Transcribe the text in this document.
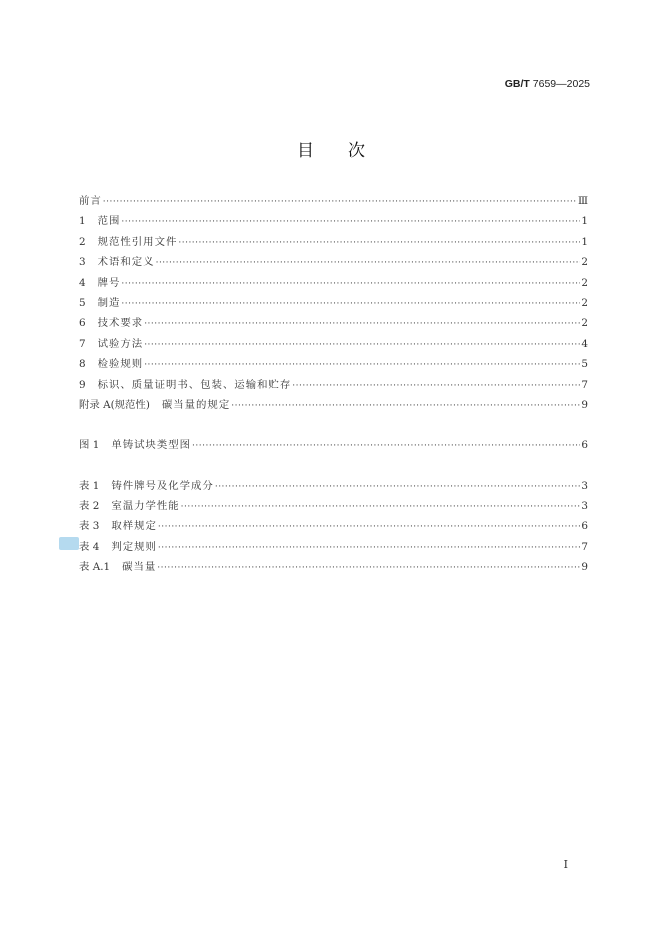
GB/T 7659—2025
目次
前言 ·····	Ⅲ
1 范围 ·····	1
2 规范性引用文件 ·····	1
3 术语和定义 ·····	2
4 牌号 ·····	2
5 制造 ·····	2
6 技术要求 ·····	2
7 试验方法 ·····	4
8 检验规则 ·····	5
9 标识、质量证明书、包装、运输和贮存 ·····	7
附录 A(规范性) 碳当量的规定 ·····	9
图 1 单铸试块类型图 ·····	6
表 1 铸件牌号及化学成分 ·····	3
表 2 室温力学性能 ·····	3
表 3 取样规定 ·····	6
表 4 判定规则 ·····	7
表 A.1 碳当量 ·····	9
Ⅰ
